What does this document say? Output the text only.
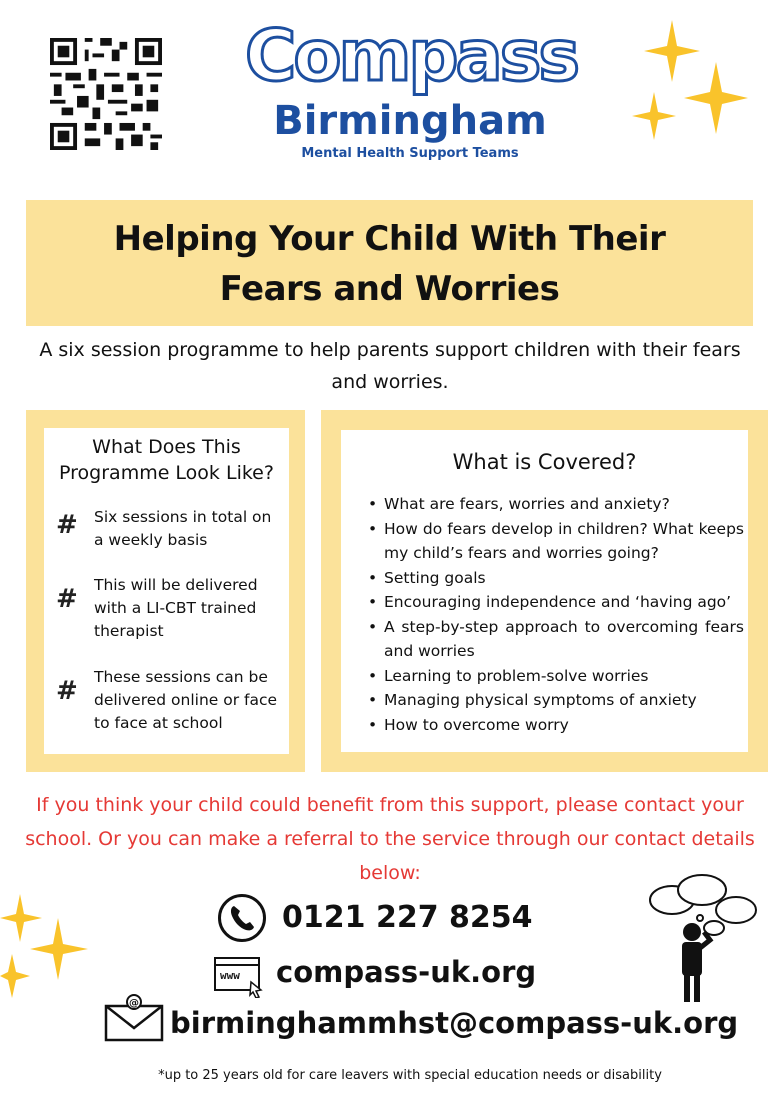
Compass
Birmingham
Mental Health Support Teams
Helping Your Child With Their
Fears and Worries
A six session programme to help parents support children with their fears and worries.
What Does This Programme Look Like?
# Six sessions in total on a weekly basis
# This will be delivered with a LI-CBT trained therapist
# These sessions can be delivered online or face to face at school
What is Covered?
• What are fears, worries and anxiety?
• How do fears develop in children? What keeps my child’s fears and worries going?
• Setting goals
• Encouraging independence and ‘having ago’
• A step-by-step approach to overcoming fears and worries
• Learning to problem-solve worries
• Managing physical symptoms of anxiety
• How to overcome worry
If you think your child could benefit from this support, please contact your school. Or you can make a referral to the service through our contact details below:
0121 227 8254
www compass-uk.org
@
birminghammhst@compass-uk.org
*up to 25 years old for care leavers with special education needs or disability
